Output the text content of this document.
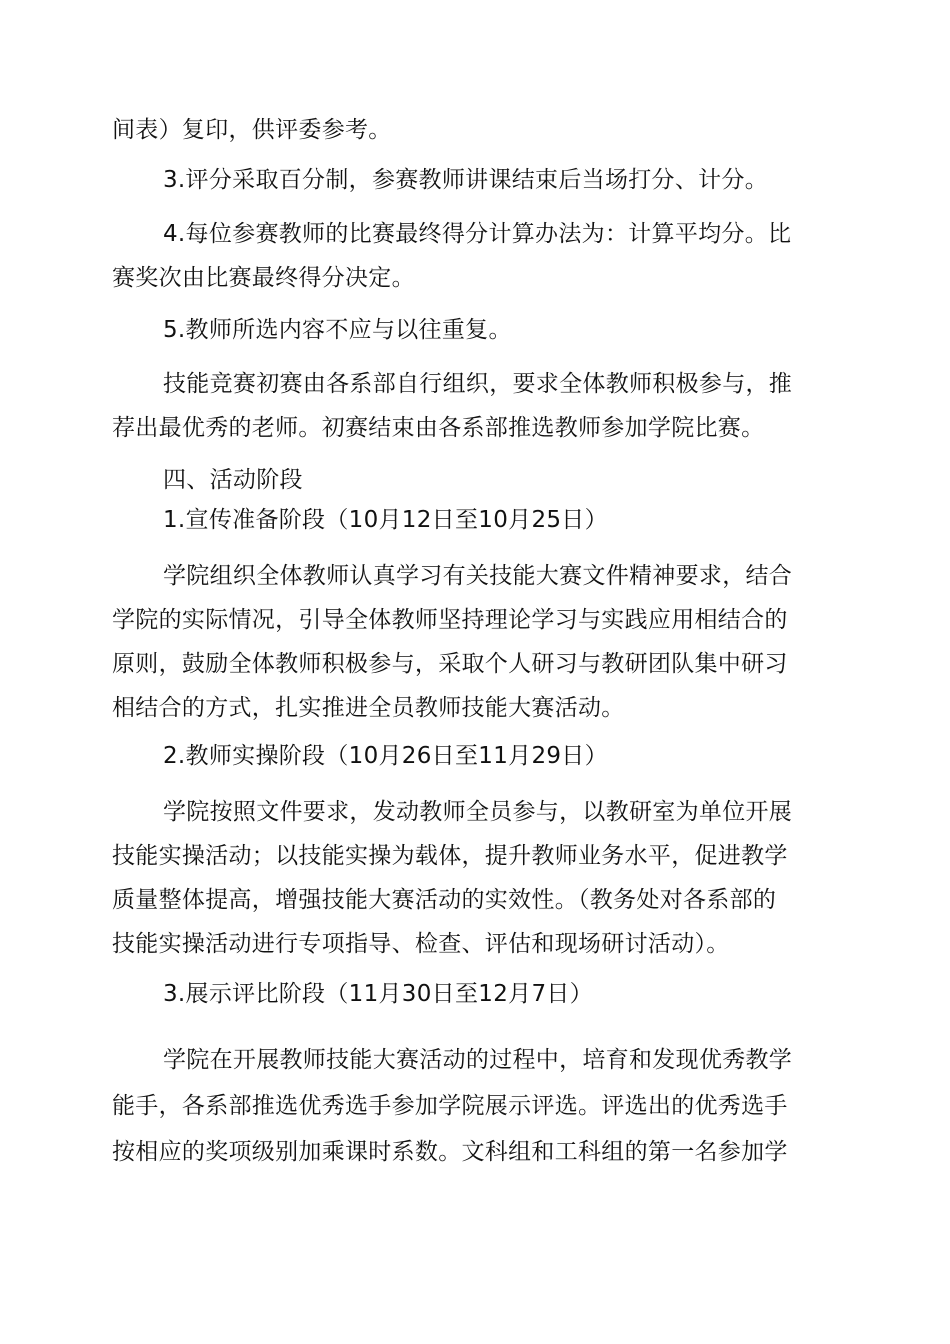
间表）复印，供评委参考。
3.评分采取百分制，参赛教师讲课结束后当场打分、计分。
4.每位参赛教师的比赛最终得分计算办法为：计算平均分。比
赛奖次由比赛最终得分决定。
5.教师所选内容不应与以往重复。
技能竞赛初赛由各系部自行组织，要求全体教师积极参与，推
荐出最优秀的老师。初赛结束由各系部推选教师参加学院比赛。
四、活动阶段
1.宣传准备阶段（10月12日至10月25日）
学院组织全体教师认真学习有关技能大赛文件精神要求，结合
学院的实际情况，引导全体教师坚持理论学习与实践应用相结合的
原则，鼓励全体教师积极参与，采取个人研习与教研团队集中研习
相结合的方式，扎实推进全员教师技能大赛活动。
2.教师实操阶段（10月26日至11月29日）
学院按照文件要求，发动教师全员参与，以教研室为单位开展
技能实操活动；以技能实操为载体，提升教师业务水平，促进教学
质量整体提高，增强技能大赛活动的实效性。（教务处对各系部的
技能实操活动进行专项指导、检查、评估和现场研讨活动）。
3.展示评比阶段（11月30日至12月7日）
学院在开展教师技能大赛活动的过程中，培育和发现优秀教学
能手，各系部推选优秀选手参加学院展示评选。评选出的优秀选手
按相应的奖项级别加乘课时系数。文科组和工科组的第一名参加学
